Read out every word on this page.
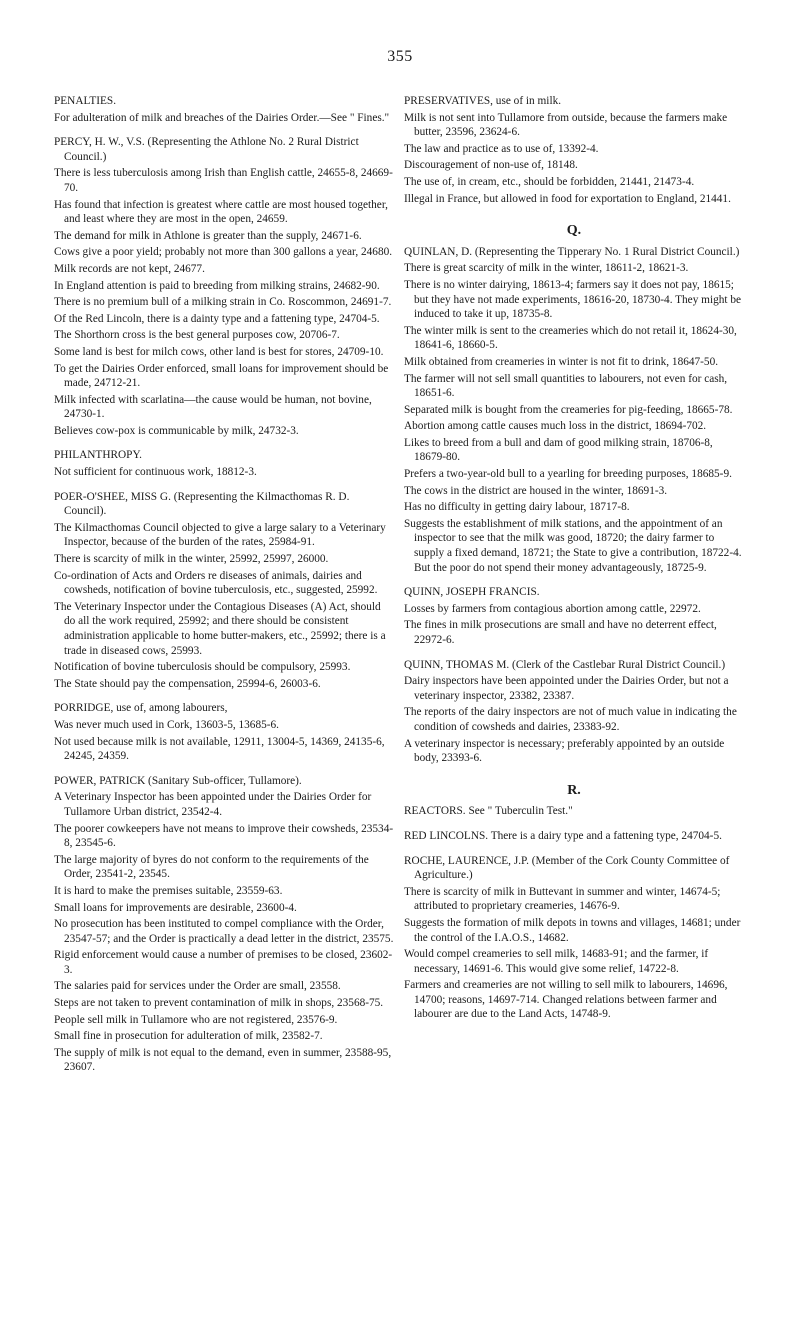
355
PENALTIES.
For adulteration of milk and breaches of the Dairies Order.—See " Fines."
PERCY, H. W., V.S. (Representing the Athlone No. 2 Rural District Council.)
There is less tuberculosis among Irish than English cattle, 24655-8, 24669-70.
Has found that infection is greatest where cattle are most housed together, and least where they are most in the open, 24659.
The demand for milk in Athlone is greater than the supply, 24671-6.
Cows give a poor yield; probably not more than 300 gallons a year, 24680.
Milk records are not kept, 24677.
In England attention is paid to breeding from milking strains, 24682-90.
There is no premium bull of a milking strain in Co. Roscommon, 24691-7.
Of the Red Lincoln, there is a dainty type and a fattening type, 24704-5.
The Shorthorn cross is the best general purposes cow, 20706-7.
Some land is best for milch cows, other land is best for stores, 24709-10.
To get the Dairies Order enforced, small loans for improvement should be made, 24712-21.
Milk infected with scarlatina—the cause would be human, not bovine, 24730-1.
Believes cow-pox is communicable by milk, 24732-3.
PHILANTHROPY.
Not sufficient for continuous work, 18812-3.
POER-O'SHEE, MISS G. (Representing the Kilmacthomas R. D. Council).
The Kilmacthomas Council objected to give a large salary to a Veterinary Inspector, because of the burden of the rates, 25984-91.
There is scarcity of milk in the winter, 25992, 25997, 26000.
Co-ordination of Acts and Orders re diseases of animals, dairies and cowsheds, notification of bovine tuberculosis, etc., suggested, 25992.
The Veterinary Inspector under the Contagious Diseases (A) Act, should do all the work required, 25992; and there should be consistent administration applicable to home butter-makers, etc., 25992; there is a trade in diseased cows, 25993.
Notification of bovine tuberculosis should be compulsory, 25993.
The State should pay the compensation, 25994-6, 26003-6.
PORRIDGE, use of, among labourers,
Was never much used in Cork, 13603-5, 13685-6.
Not used because milk is not available, 12911, 13004-5, 14369, 24135-6, 24245, 24359.
POWER, PATRICK (Sanitary Sub-officer, Tullamore).
A Veterinary Inspector has been appointed under the Dairies Order for Tullamore Urban district, 23542-4.
The poorer cowkeepers have not means to improve their cowsheds, 23534-8, 23545-6.
The large majority of byres do not conform to the requirements of the Order, 23541-2, 23545.
It is hard to make the premises suitable, 23559-63.
Small loans for improvements are desirable, 23600-4.
No prosecution has been instituted to compel compliance with the Order, 23547-57; and the Order is practically a dead letter in the district, 23575.
Rigid enforcement would cause a number of premises to be closed, 23602-3.
The salaries paid for services under the Order are small, 23558.
Steps are not taken to prevent contamination of milk in shops, 23568-75.
People sell milk in Tullamore who are not registered, 23576-9.
Small fine in prosecution for adulteration of milk, 23582-7.
The supply of milk is not equal to the demand, even in summer, 23588-95, 23607.
PRESERVATIVES, use of in milk.
Milk is not sent into Tullamore from outside, because the farmers make butter, 23596, 23624-6.
The law and practice as to use of, 13392-4.
Discouragement of non-use of, 18148.
The use of, in cream, etc., should be forbidden, 21441, 21473-4.
Illegal in France, but allowed in food for exportation to England, 21441.
Q.
QUINLAN, D. (Representing the Tipperary No. 1 Rural District Council.)
There is great scarcity of milk in the winter, 18611-2, 18621-3.
There is no winter dairying, 18613-4; farmers say it does not pay, 18615; but they have not made experiments, 18616-20, 18730-4. They might be induced to take it up, 18735-8.
The winter milk is sent to the creameries which do not retail it, 18624-30, 18641-6, 18660-5.
Milk obtained from creameries in winter is not fit to drink, 18647-50.
The farmer will not sell small quantities to labourers, not even for cash, 18651-6.
Separated milk is bought from the creameries for pig-feeding, 18665-78.
Abortion among cattle causes much loss in the district, 18694-702.
Likes to breed from a bull and dam of good milking strain, 18706-8, 18679-80.
Prefers a two-year-old bull to a yearling for breeding purposes, 18685-9.
The cows in the district are housed in the winter, 18691-3.
Has no difficulty in getting dairy labour, 18717-8.
Suggests the establishment of milk stations, and the appointment of an inspector to see that the milk was good, 18720; the dairy farmer to supply a fixed demand, 18721; the State to give a contribution, 18722-4. But the poor do not spend their money advantageously, 18725-9.
QUINN, JOSEPH FRANCIS.
Losses by farmers from contagious abortion among cattle, 22972.
The fines in milk prosecutions are small and have no deterrent effect, 22972-6.
QUINN, THOMAS M. (Clerk of the Castlebar Rural District Council.)
Dairy inspectors have been appointed under the Dairies Order, but not a veterinary inspector, 23382, 23387.
The reports of the dairy inspectors are not of much value in indicating the condition of cowsheds and dairies, 23383-92.
A veterinary inspector is necessary; preferably appointed by an outside body, 23393-6.
R.
REACTORS. See " Tuberculin Test."
RED LINCOLNS. There is a dairy type and a fattening type, 24704-5.
ROCHE, LAURENCE, J.P. (Member of the Cork County Committee of Agriculture.)
There is scarcity of milk in Buttevant in summer and winter, 14674-5; attributed to proprietary creameries, 14676-9.
Suggests the formation of milk depots in towns and villages, 14681; under the control of the I.A.O.S., 14682.
Would compel creameries to sell milk, 14683-91; and the farmer, if necessary, 14691-6. This would give some relief, 14722-8.
Farmers and creameries are not willing to sell milk to labourers, 14696, 14700; reasons, 14697-714. Changed relations between farmer and labourer are due to the Land Acts, 14748-9.
